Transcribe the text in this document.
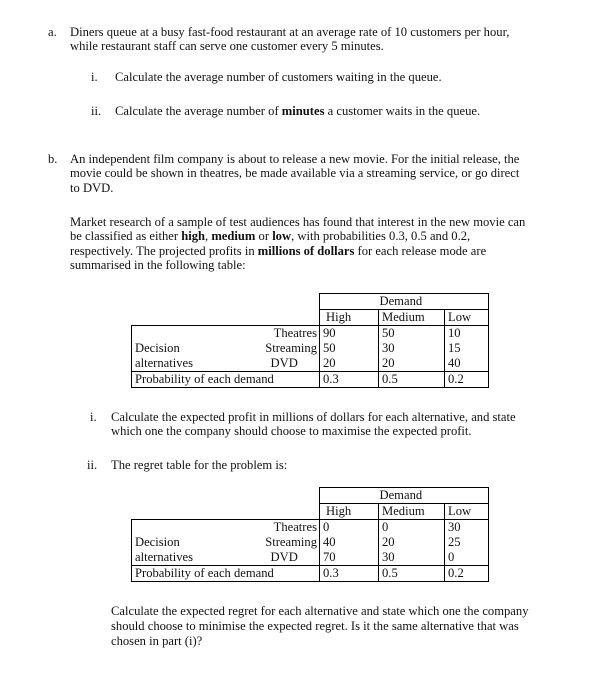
a. Diners queue at a busy fast-food restaurant at an average rate of 10 customers per hour,

while restaurant staff can serve one customer every 5 minutes.

i. Calculate the average number of customers waiting in the queue.

ii. Calculate the average number of minutes a customer waits in the queue.

b. An independent film company is about to release a new movie. For the initial release, the

movie could be shown in theatres, be made available via a streaming service, or go direct

to DVD.

Market research of a sample of test audiences has found that interest in the new movie can

be classified as either high, medium or low, with probabilities 0.3, 0.5 and 0.2,

respectively. The projected profits in millions of dollars for each release mode are

summarised in the following table:

			Demand	
		High	Medium	Low
	Theatres	90	50	10
Decision	Streaming	50	30	15
alternatives	DVD	20	20	40
Probability of each demand		0.3	0.5	0.2

i. Calculate the expected profit in millions of dollars for each alternative, and state

which one the company should choose to maximise the expected profit.

ii. The regret table for the problem is:

			Demand	
		High	Medium	Low
	Theatres	0	0	30
Decision	Streaming	40	20	25
alternatives	DVD	70	30	0
Probability of each demand		0.3	0.5	0.2

Calculate the expected regret for each alternative and state which one the company

should choose to minimise the expected regret. Is it the same alternative that was

chosen in part (i)?
